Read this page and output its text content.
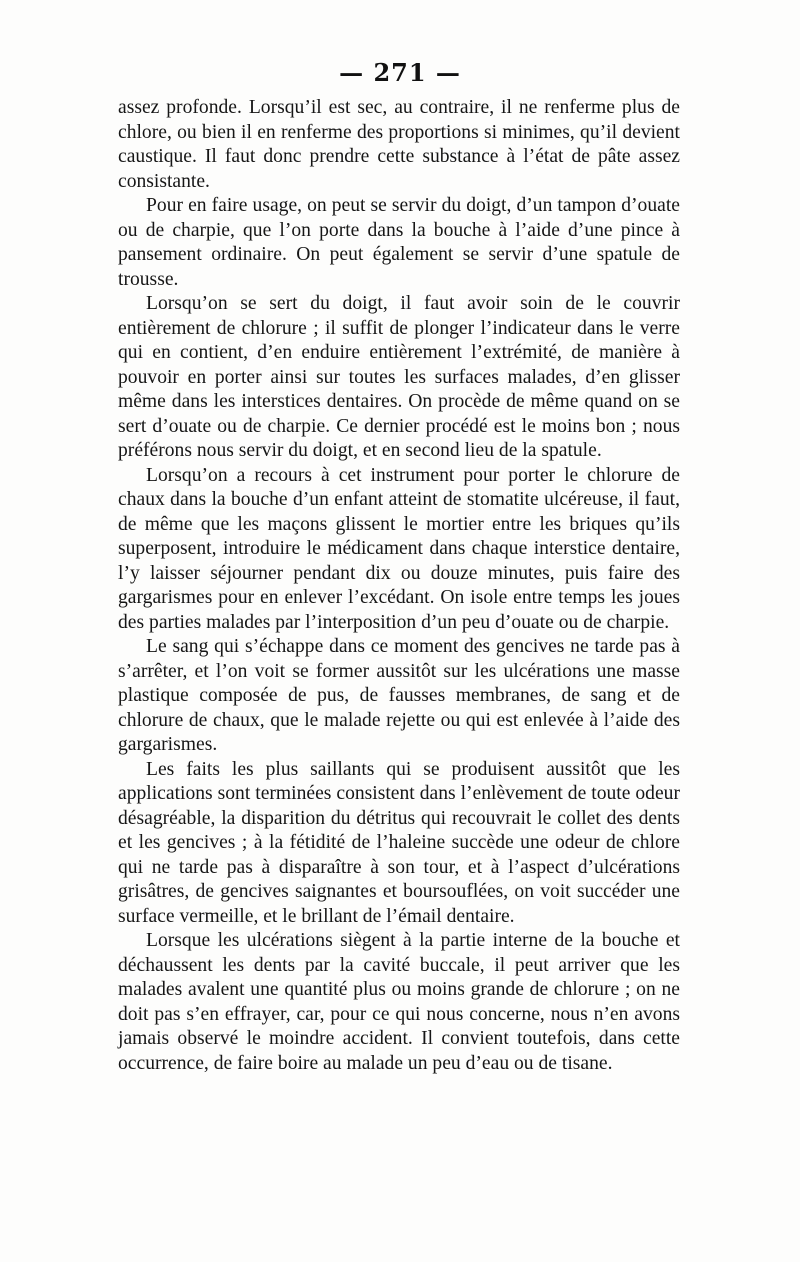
— 271 —

assez profonde. Lorsqu’il est sec, au contraire, il ne renferme plus de chlore, ou bien il en renferme des proportions si minimes, qu’il devient caustique. Il faut donc prendre cette substance à l’état de pâte assez consistante.

Pour en faire usage, on peut se servir du doigt, d’un tampon d’ouate ou de charpie, que l’on porte dans la bouche à l’aide d’une pince à pansement ordinaire. On peut également se servir d’une spatule de trousse.

Lorsqu’on se sert du doigt, il faut avoir soin de le couvrir entièrement de chlorure ; il suffit de plonger l’indicateur dans le verre qui en contient, d’en enduire entièrement l’extrémité, de manière à pouvoir en porter ainsi sur toutes les surfaces malades, d’en glisser même dans les interstices dentaires. On procède de même quand on se sert d’ouate ou de charpie. Ce dernier procédé est le moins bon ; nous préférons nous servir du doigt, et en second lieu de la spatule.

Lorsqu’on a recours à cet instrument pour porter le chlorure de chaux dans la bouche d’un enfant atteint de stomatite ulcéreuse, il faut, de même que les maçons glissent le mortier entre les briques qu’ils superposent, introduire le médicament dans chaque interstice dentaire, l’y laisser séjourner pendant dix ou douze minutes, puis faire des gargarismes pour en enlever l’excédant. On isole entre temps les joues des parties malades par l’interposition d’un peu d’ouate ou de charpie.

Le sang qui s’échappe dans ce moment des gencives ne tarde pas à s’arrêter, et l’on voit se former aussitôt sur les ulcérations une masse plastique composée de pus, de fausses membranes, de sang et de chlorure de chaux, que le malade rejette ou qui est enlevée à l’aide des gargarismes.

Les faits les plus saillants qui se produisent aussitôt que les applications sont terminées consistent dans l’enlèvement de toute odeur désagréable, la disparition du détritus qui recouvrait le collet des dents et les gencives ; à la fétidité de l’haleine succède une odeur de chlore qui ne tarde pas à disparaître à son tour, et à l’aspect d’ulcérations grisâtres, de gencives saignantes et boursouflées, on voit succéder une surface vermeille, et le brillant de l’émail dentaire.

Lorsque les ulcérations siègent à la partie interne de la bouche et déchaussent les dents par la cavité buccale, il peut arriver que les malades avalent une quantité plus ou moins grande de chlorure ; on ne doit pas s’en effrayer, car, pour ce qui nous concerne, nous n’en avons jamais observé le moindre accident. Il convient toutefois, dans cette occurrence, de faire boire au malade un peu d’eau ou de tisane.
